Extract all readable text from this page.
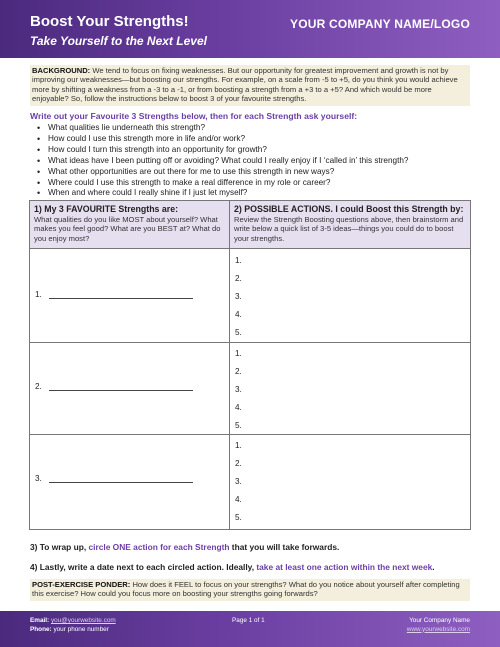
Boost Your Strengths!
Take Yourself to the Next Level
YOUR COMPANY NAME/LOGO
BACKGROUND: We tend to focus on fixing weaknesses. But our opportunity for greatest improvement and growth is not by improving our weaknesses—but boosting our strengths. For example, on a scale from -5 to +5, do you think you would achieve more by shifting a weakness from a -3 to a -1, or from boosting a strength from a +3 to a +5? And which would be more enjoyable? So, follow the instructions below to boost 3 of your favourite strengths.
Write out your Favourite 3 Strengths below, then for each Strength ask yourself:
• What qualities lie underneath this strength?
• How could I use this strength more in life and/or work?
• How could I turn this strength into an opportunity for growth?
• What ideas have I been putting off or avoiding? What could I really enjoy if I ‘called in’ this strength?
• What other opportunities are out there for me to use this strength in new ways?
• Where could I use this strength to make a real difference in my role or career?
• When and where could I really shine if I just let myself?
1) My 3 FAVOURITE Strengths are:
What qualities do you like MOST about yourself? What makes you feel good? What are you BEST at? What do you enjoy most?
2) POSSIBLE ACTIONS. I could Boost this Strength by:
Review the Strength Boosting questions above, then brainstorm and write below a quick list of 3-5 ideas—things you could do to boost your strengths.
1.
1.
2.
3.
4.
5.
2.
1.
2.
3.
4.
5.
3.
1.
2.
3.
4.
5.
3) To wrap up, circle ONE action for each Strength that you will take forwards.
4) Lastly, write a date next to each circled action. Ideally, take at least one action within the next week.
POST-EXERCISE PONDER: How does it FEEL to focus on your strengths? What do you notice about yourself after completing this exercise? How could you focus more on boosting your strengths going forwards?
Email: you@yourwebsite.com
Phone: your phone number
Page 1 of 1	Your Company Name
www.yourwebsite.com
